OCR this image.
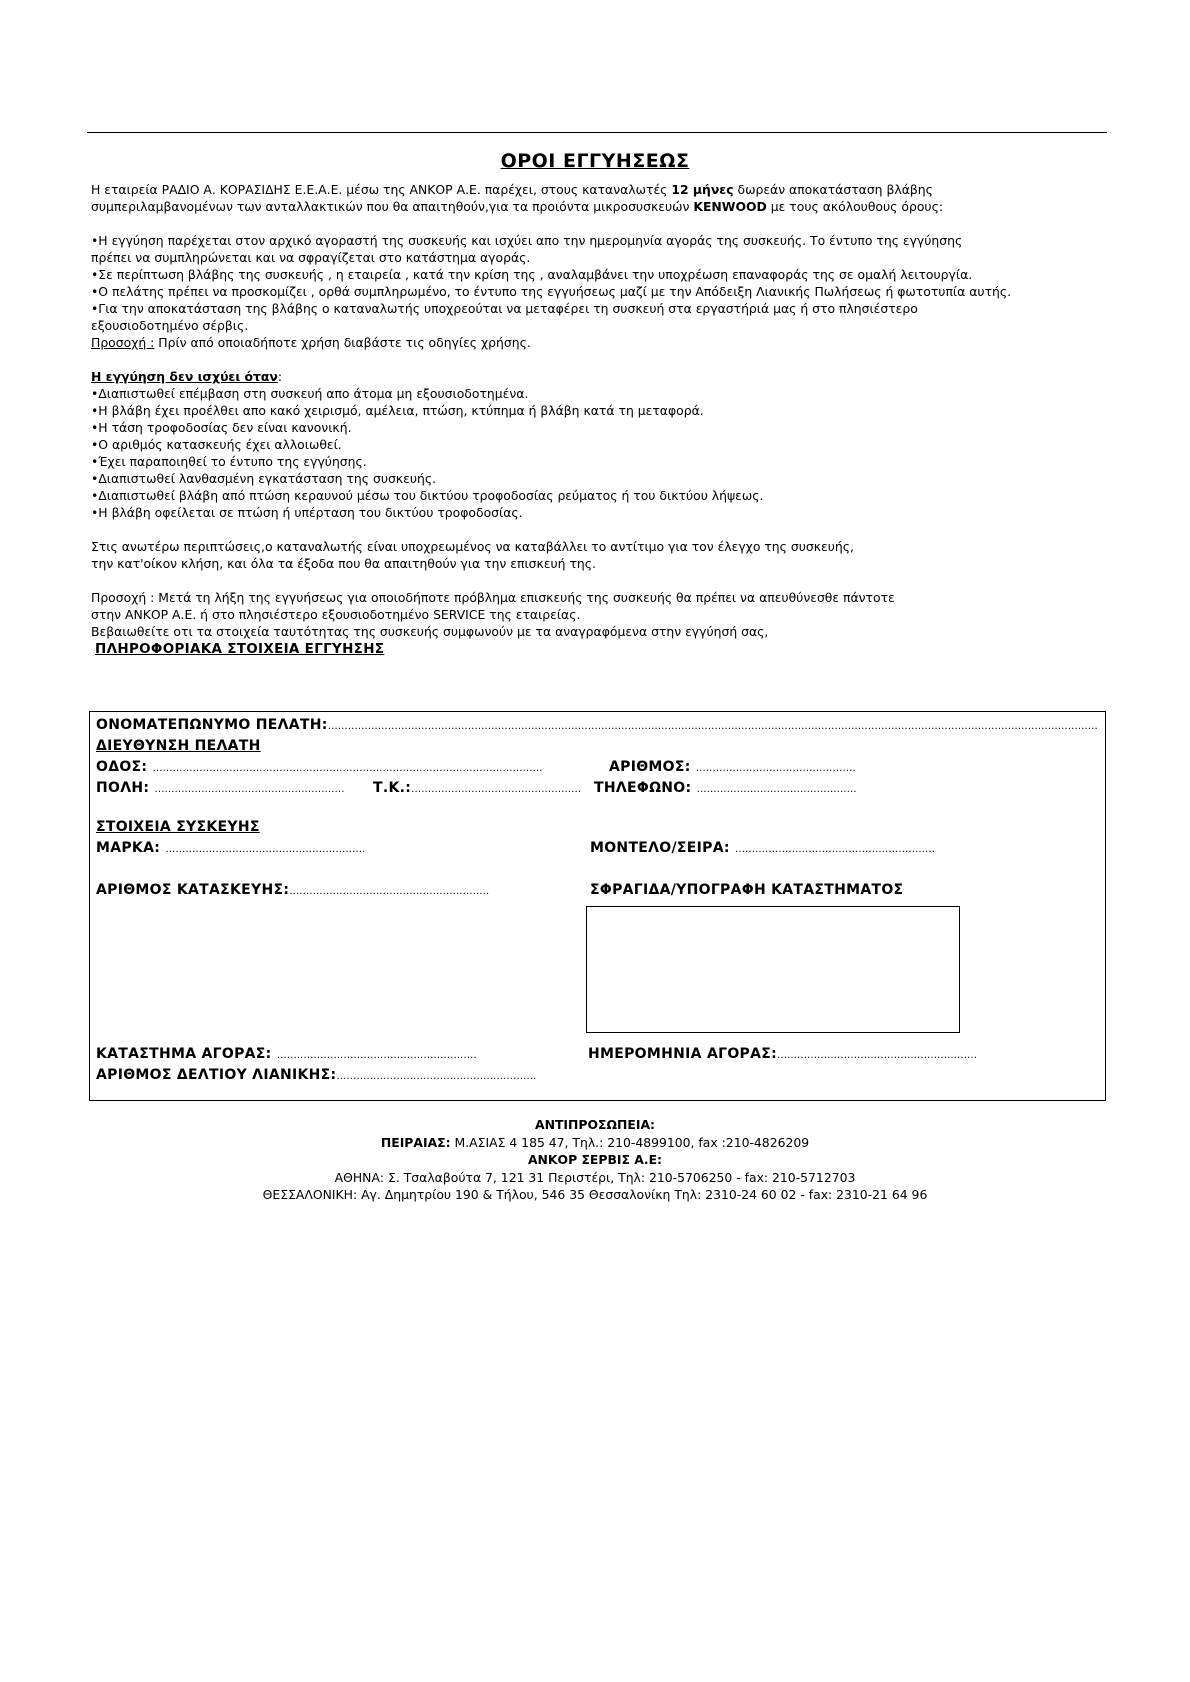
ΟΡΟΙ ΕΓΓΥΗΣΕΩΣ

Η εταιρεία ΡΑΔΙΟ Α. ΚΟΡΑΣΙΔΗΣ Ε.Ε.Α.Ε. μέσω της ΑΝΚΟΡ Α.Ε. παρέχει, στους καταναλωτές 12 μήνες δωρεάν αποκατάσταση βλάβης

συμπεριλαμβανομένων των ανταλλακτικών που θα απαιτηθούν,για τα προιόντα μικροσυσκευών KENWOOD με τους ακόλουθους όρους:

•Η εγγύηση παρέχεται στον αρχικό αγοραστή της συσκευής και ισχύει απο την ημερομηνία αγοράς της συσκευής. Το έντυπο της εγγύησης

πρέπει να συμπληρώνεται και να σφραγίζεται στο κατάστημα αγοράς.

•Σε περίπτωση βλάβης της συσκευής , η εταιρεία , κατά την κρίση της , αναλαμβάνει την υποχρέωση επαναφοράς της σε ομαλή λειτουργία.

•Ο πελάτης πρέπει να προσκομίζει , ορθά συμπληρωμένο, το έντυπο της εγγυήσεως μαζί με την Απόδειξη Λιανικής Πωλήσεως ή φωτοτυπία αυτής.

•Για την αποκατάσταση της βλάβης ο καταναλωτής υποχρεούται να μεταφέρει τη συσκευή στα εργαστήριά μας ή στο πλησιέστερο

εξουσιοδοτημένο σέρβις.

Προσοχή : Πρίν από οποιαδήποτε χρήση διαβάστε τις οδηγίες χρήσης.

Η εγγύηση δεν ισχύει όταν:

•Διαπιστωθεί επέμβαση στη συσκευή απο άτομα μη εξουσιοδοτημένα.

•Η βλάβη έχει προέλθει απο κακό χειρισμό, αμέλεια, πτώση, κτύπημα ή βλάβη κατά τη μεταφορά.

•Η τάση τροφοδοσίας δεν είναι κανονική.

•Ο αριθμός κατασκευής έχει αλλοιωθεί.

•Έχει παραποιηθεί το έντυπο της εγγύησης.

•Διαπιστωθεί λανθασμένη εγκατάσταση της συσκευής.

•Διαπιστωθεί βλάβη από πτώση κεραυνού μέσω του δικτύου τροφοδοσίας ρεύματος ή του δικτύου λήψεως.

•Η βλάβη οφείλεται σε πτώση ή υπέρταση του δικτύου τροφοδοσίας.

Στις ανωτέρω περιπτώσεις,ο καταναλωτής είναι υποχρεωμένος να καταβάλλει το αντίτιμο για τον έλεγχο της συσκευής,

την κατ'οίκον κλήση, και όλα τα έξοδα που θα απαιτηθούν για την επισκευή της.

Προσοχή : Μετά τη λήξη της εγγυήσεως για οποιοδήποτε πρόβλημα επισκευής της συσκευής θα πρέπει να απευθύνεσθε πάντοτε

στην ΑΝΚΟΡ Α.Ε. ή στο πλησιέστερο εξουσιοδοτημένο SERVICE της εταιρείας.

Βεβαιωθείτε οτι τα στοιχεία ταυτότητας της συσκευής συμφωνούν με τα αναγραφόμενα στην εγγύησή σας,

ΠΛΗΡΟΦΟΡΙΑΚΑ ΣΤΟΙΧΕΙΑ ΕΓΓΥΗΣΗΣ

ΟΝΟΜΑΤΕΠΩΝΥΜΟ ΠΕΛΑΤΗ:……………………………………………………………………………………………………………………………………………………………………………………………………………
ΔΙΕΥΘΥΝΣΗ ΠΕΛΑΤΗ
ΟΔΟΣ: ………………………………………………………………………………………………………	ΑΡΙΘΜΟΣ: …………………………………………
ΠΟΛΗ: ………………………………………………… Τ.Κ.:…………………………………………… ΤΗΛΕΦΩΝΟ: …………………………………………
ΣΤΟΙΧΕΙΑ ΣΥΣΚΕΥΗΣ
ΜΑΡΚΑ: ……………………………………………………	ΜΟΝΤΕΛΟ/ΣΕΙΡΑ: ……………………………………………………
ΑΡΙΘΜΟΣ ΚΑΤΑΣΚΕΥΗΣ:……………………………………………………	ΣΦΡΑΓΙΔΑ/ΥΠΟΓΡΑΦΗ ΚΑΤΑΣΤΗΜΑΤΟΣ
ΚΑΤΑΣΤΗΜΑ ΑΓΟΡΑΣ: ……………………………………………………	ΗΜΕΡΟΜΗΝΙΑ ΑΓΟΡΑΣ:……………………………………………………
ΑΡΙΘΜΟΣ ΔΕΛΤΙΟΥ ΛΙΑΝΙΚΗΣ:……………………………………………………

ΑΝΤΙΠΡΟΣΩΠΕΙΑ:

ΠΕΙΡΑΙΑΣ: Μ.ΑΣΙΑΣ 4 185 47, Τηλ.: 210-4899100, fax :210-4826209

ΑΝΚΟΡ ΣΕΡΒΙΣ Α.Ε:

ΑΘΗΝΑ: Σ. Τσαλαβούτα 7, 121 31 Περιστέρι, Τηλ: 210-5706250 - fax: 210-5712703

ΘΕΣΣΑΛΟΝΙΚΗ: Αγ. Δημητρίου 190 & Τήλου, 546 35 Θεσσαλονίκη Τηλ: 2310-24 60 02 - fax: 2310-21 64 96
